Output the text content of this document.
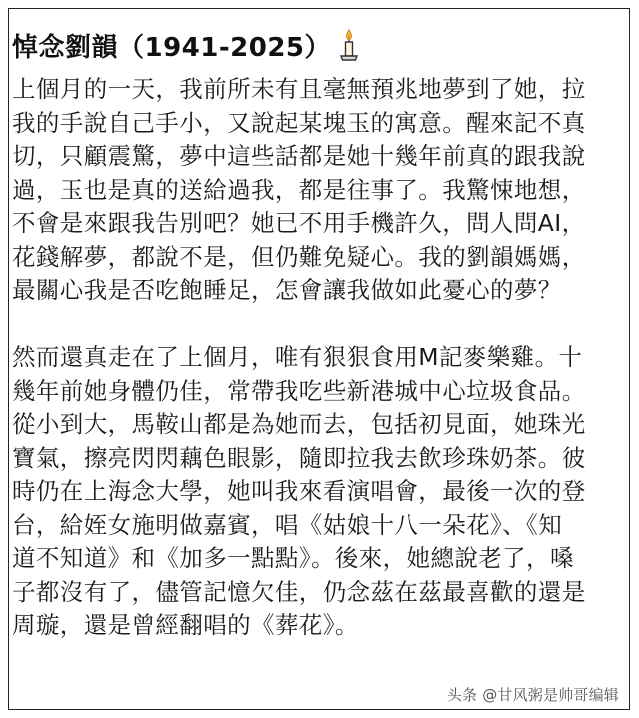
悼念劉韻（1941-2025）

上個月的一天，我前所未有且毫無預兆地夢到了她，拉
我的手說自己手小，又說起某塊玉的寓意。醒來記不真
切，只顧震驚，夢中這些話都是她十幾年前真的跟我說
過，玉也是真的送給過我，都是往事了。我驚悚地想，
不會是來跟我告別吧？她已不用手機許久，問人問AI，
花錢解夢，都說不是，但仍難免疑心。我的劉韻媽媽，
最關心我是否吃飽睡足，怎會讓我做如此憂心的夢？

然而還真走在了上個月，唯有狠狠食用M記麥樂雞。十
幾年前她身體仍佳，常帶我吃些新港城中心垃圾食品。
從小到大，馬鞍山都是為她而去，包括初見面，她珠光
寶氣，擦亮閃閃藕色眼影，隨即拉我去飲珍珠奶茶。彼
時仍在上海念大學，她叫我來看演唱會，最後一次的登
台，給姪女施明做嘉賓，唱《姑娘十八一朵花》、《知
道不知道》和《加多一點點》。後來，她總說老了，嗓
子都沒有了，儘管記憶欠佳，仍念茲在茲最喜歡的還是
周璇，還是曾經翻唱的《葬花》。

头条 @甘风粥是帅哥编辑
